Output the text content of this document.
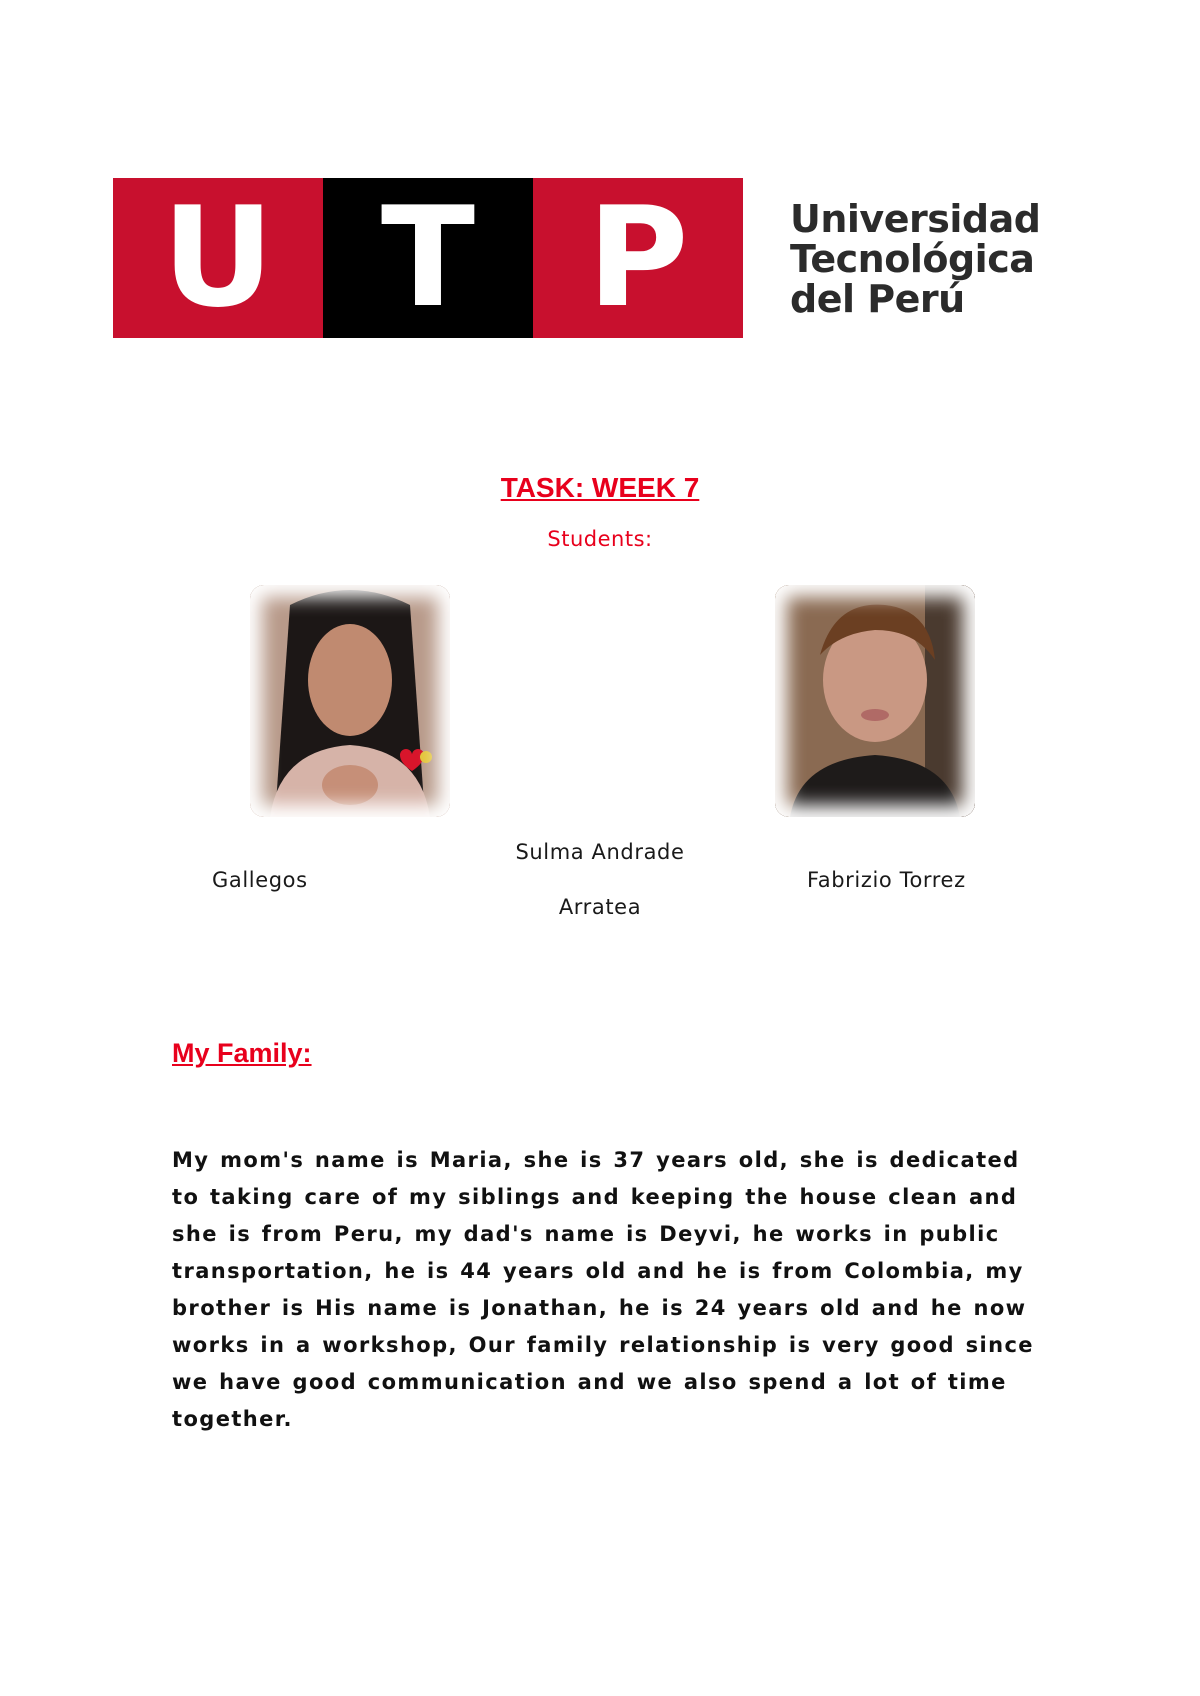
U T P	Universidad
Tecnológica
del Perú
TASK: WEEK 7
Students:
Gallegos
Sulma Andrade
Arratea
Fabrizio Torrez
My Family:
My mom's name is Maria, she is 37 years old, she is dedicated to taking care of my siblings and keeping the house clean and she is from Peru, my dad's name is Deyvi, he works in public transportation, he is 44 years old and he is from Colombia, my brother is His name is Jonathan, he is 24 years old and he now works in a workshop, Our family relationship is very good since we have good communication and we also spend a lot of time together.
